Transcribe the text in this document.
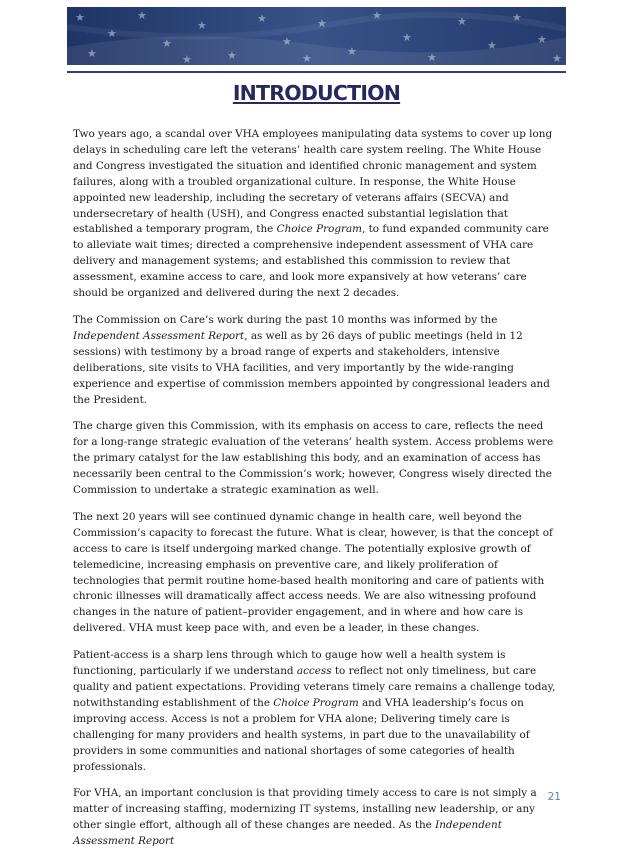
★
★
★
★
★
★
★
★
★
★
★
★
★
★
★
★
★
★
★
★	★
INTRODUCTION

Two years ago, a scandal over VHA employees manipulating data systems to cover up long delays in scheduling care left the veterans’ health care system reeling. The White House and Congress investigated the situation and identified chronic management and system failures, along with a troubled organizational culture. In response, the White House appointed new leadership, including the secretary of veterans affairs (SECVA) and undersecretary of health (USH), and Congress enacted substantial legislation that established a temporary program, the Choice Program, to fund expanded community care to alleviate wait times; directed a comprehensive independent assessment of VHA care delivery and management systems; and established this commission to review that assessment, examine access to care, and look more expansively at how veterans’ care should be organized and delivered during the next 2 decades.

The Commission on Care’s work during the past 10 months was informed by the Independent Assessment Report, as well as by 26 days of public meetings (held in 12 sessions) with testimony by a broad range of experts and stakeholders, intensive deliberations, site visits to VHA facilities, and very importantly by the wide-ranging experience and expertise of commission members appointed by congressional leaders and the President.

The charge given this Commission, with its emphasis on access to care, reflects the need for a long-range strategic evaluation of the veterans’ health system. Access problems were the primary catalyst for the law establishing this body, and an examination of access has necessarily been central to the Commission’s work; however, Congress wisely directed the Commission to undertake a strategic examination as well.

The next 20 years will see continued dynamic change in health care, well beyond the Commission’s capacity to forecast the future. What is clear, however, is that the concept of access to care is itself undergoing marked change. The potentially explosive growth of telemedicine, increasing emphasis on preventive care, and likely proliferation of technologies that permit routine home-based health monitoring and care of patients with chronic illnesses will dramatically affect access needs. We are also witnessing profound changes in the nature of patient–provider engagement, and in where and how care is delivered. VHA must keep pace with, and even be a leader, in these changes.

Patient-access is a sharp lens through which to gauge how well a health system is functioning, particularly if we understand access to reflect not only timeliness, but care quality and patient expectations. Providing veterans timely care remains a challenge today, notwithstanding establishment of the Choice Program and VHA leadership’s focus on improving access. Access is not a problem for VHA alone; Delivering timely care is challenging for many providers and health systems, in part due to the unavailability of providers in some communities and national shortages of some categories of health professionals.

For VHA, an important conclusion is that providing timely access to care is not simply a matter of increasing staffing, modernizing IT systems, installing new leadership, or any other single effort, although all of these changes are needed. As the Independent Assessment Report

21
